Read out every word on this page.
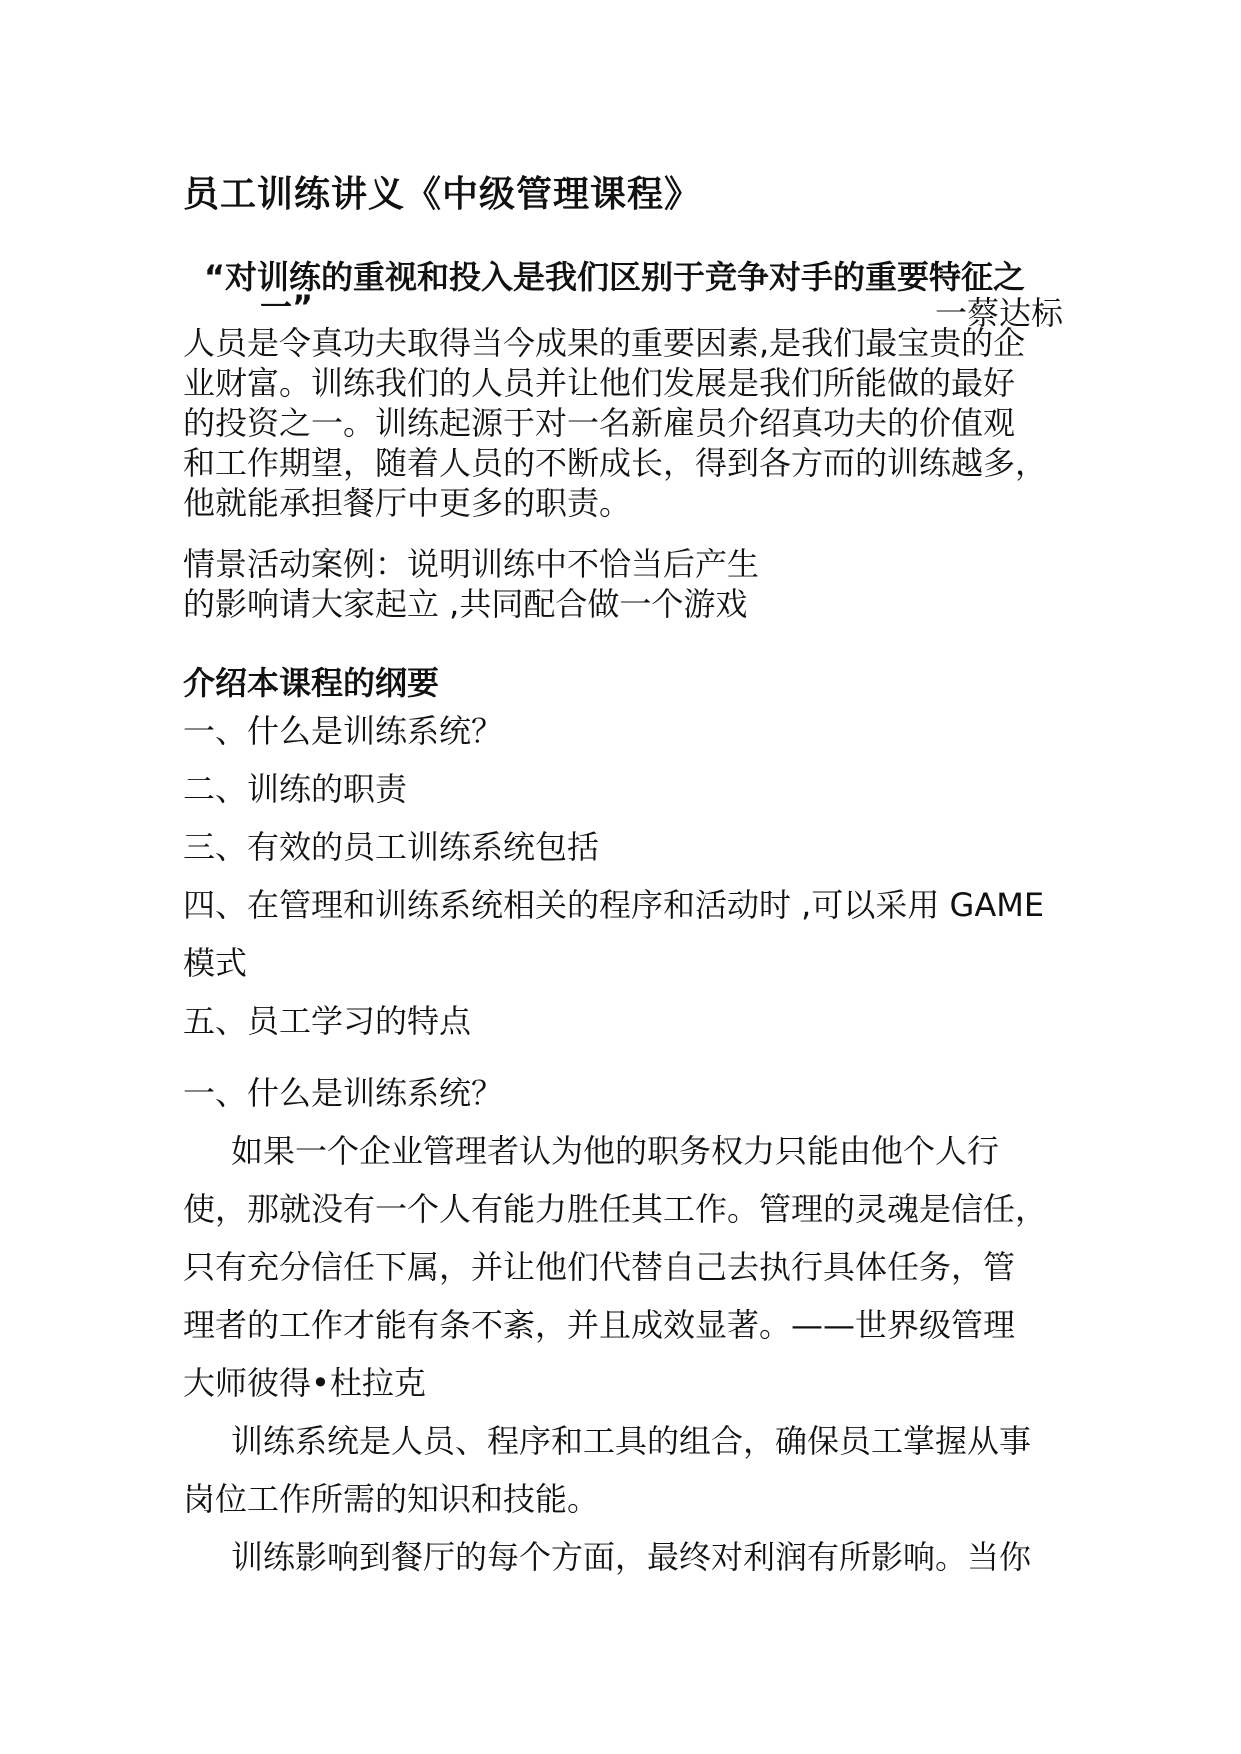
员工训练讲义《中级管理课程》
“对训练的重视和投入是我们区别于竞争对手的重要特征之
一”	一蔡达标
人员是令真功夫取得当今成果的重要因素,是我们最宝贵的企
业财富。训练我们的人员并让他们发展是我们所能做的最好
的投资之一。训练起源于对一名新雇员介绍真功夫的价值观
和工作期望，随着人员的不断成长，得到各方而的训练越多，
他就能承担餐厅中更多的职责。
情景活动案例：说明训练中不恰当后产生
的影响请大家起立 ,共同配合做一个游戏
介绍本课程的纲要
一、什么是训练系统？
二、训练的职责
三、有效的员工训练系统包括
四、在管理和训练系统相关的程序和活动时 ,可以采用 GAME
模式
五、员工学习的特点
一、什么是训练系统？
如果一个企业管理者认为他的职务权力只能由他个人行
使，那就没有一个人有能力胜任其工作。管理的灵魂是信任，
只有充分信任下属，并让他们代替自己去执行具体任务，管
理者的工作才能有条不紊，并且成效显著。——世界级管理
大师彼得•杜拉克
训练系统是人员、程序和工具的组合，确保员工掌握从事
岗位工作所需的知识和技能。
训练影响到餐厅的每个方面，最终对利润有所影响。当你
